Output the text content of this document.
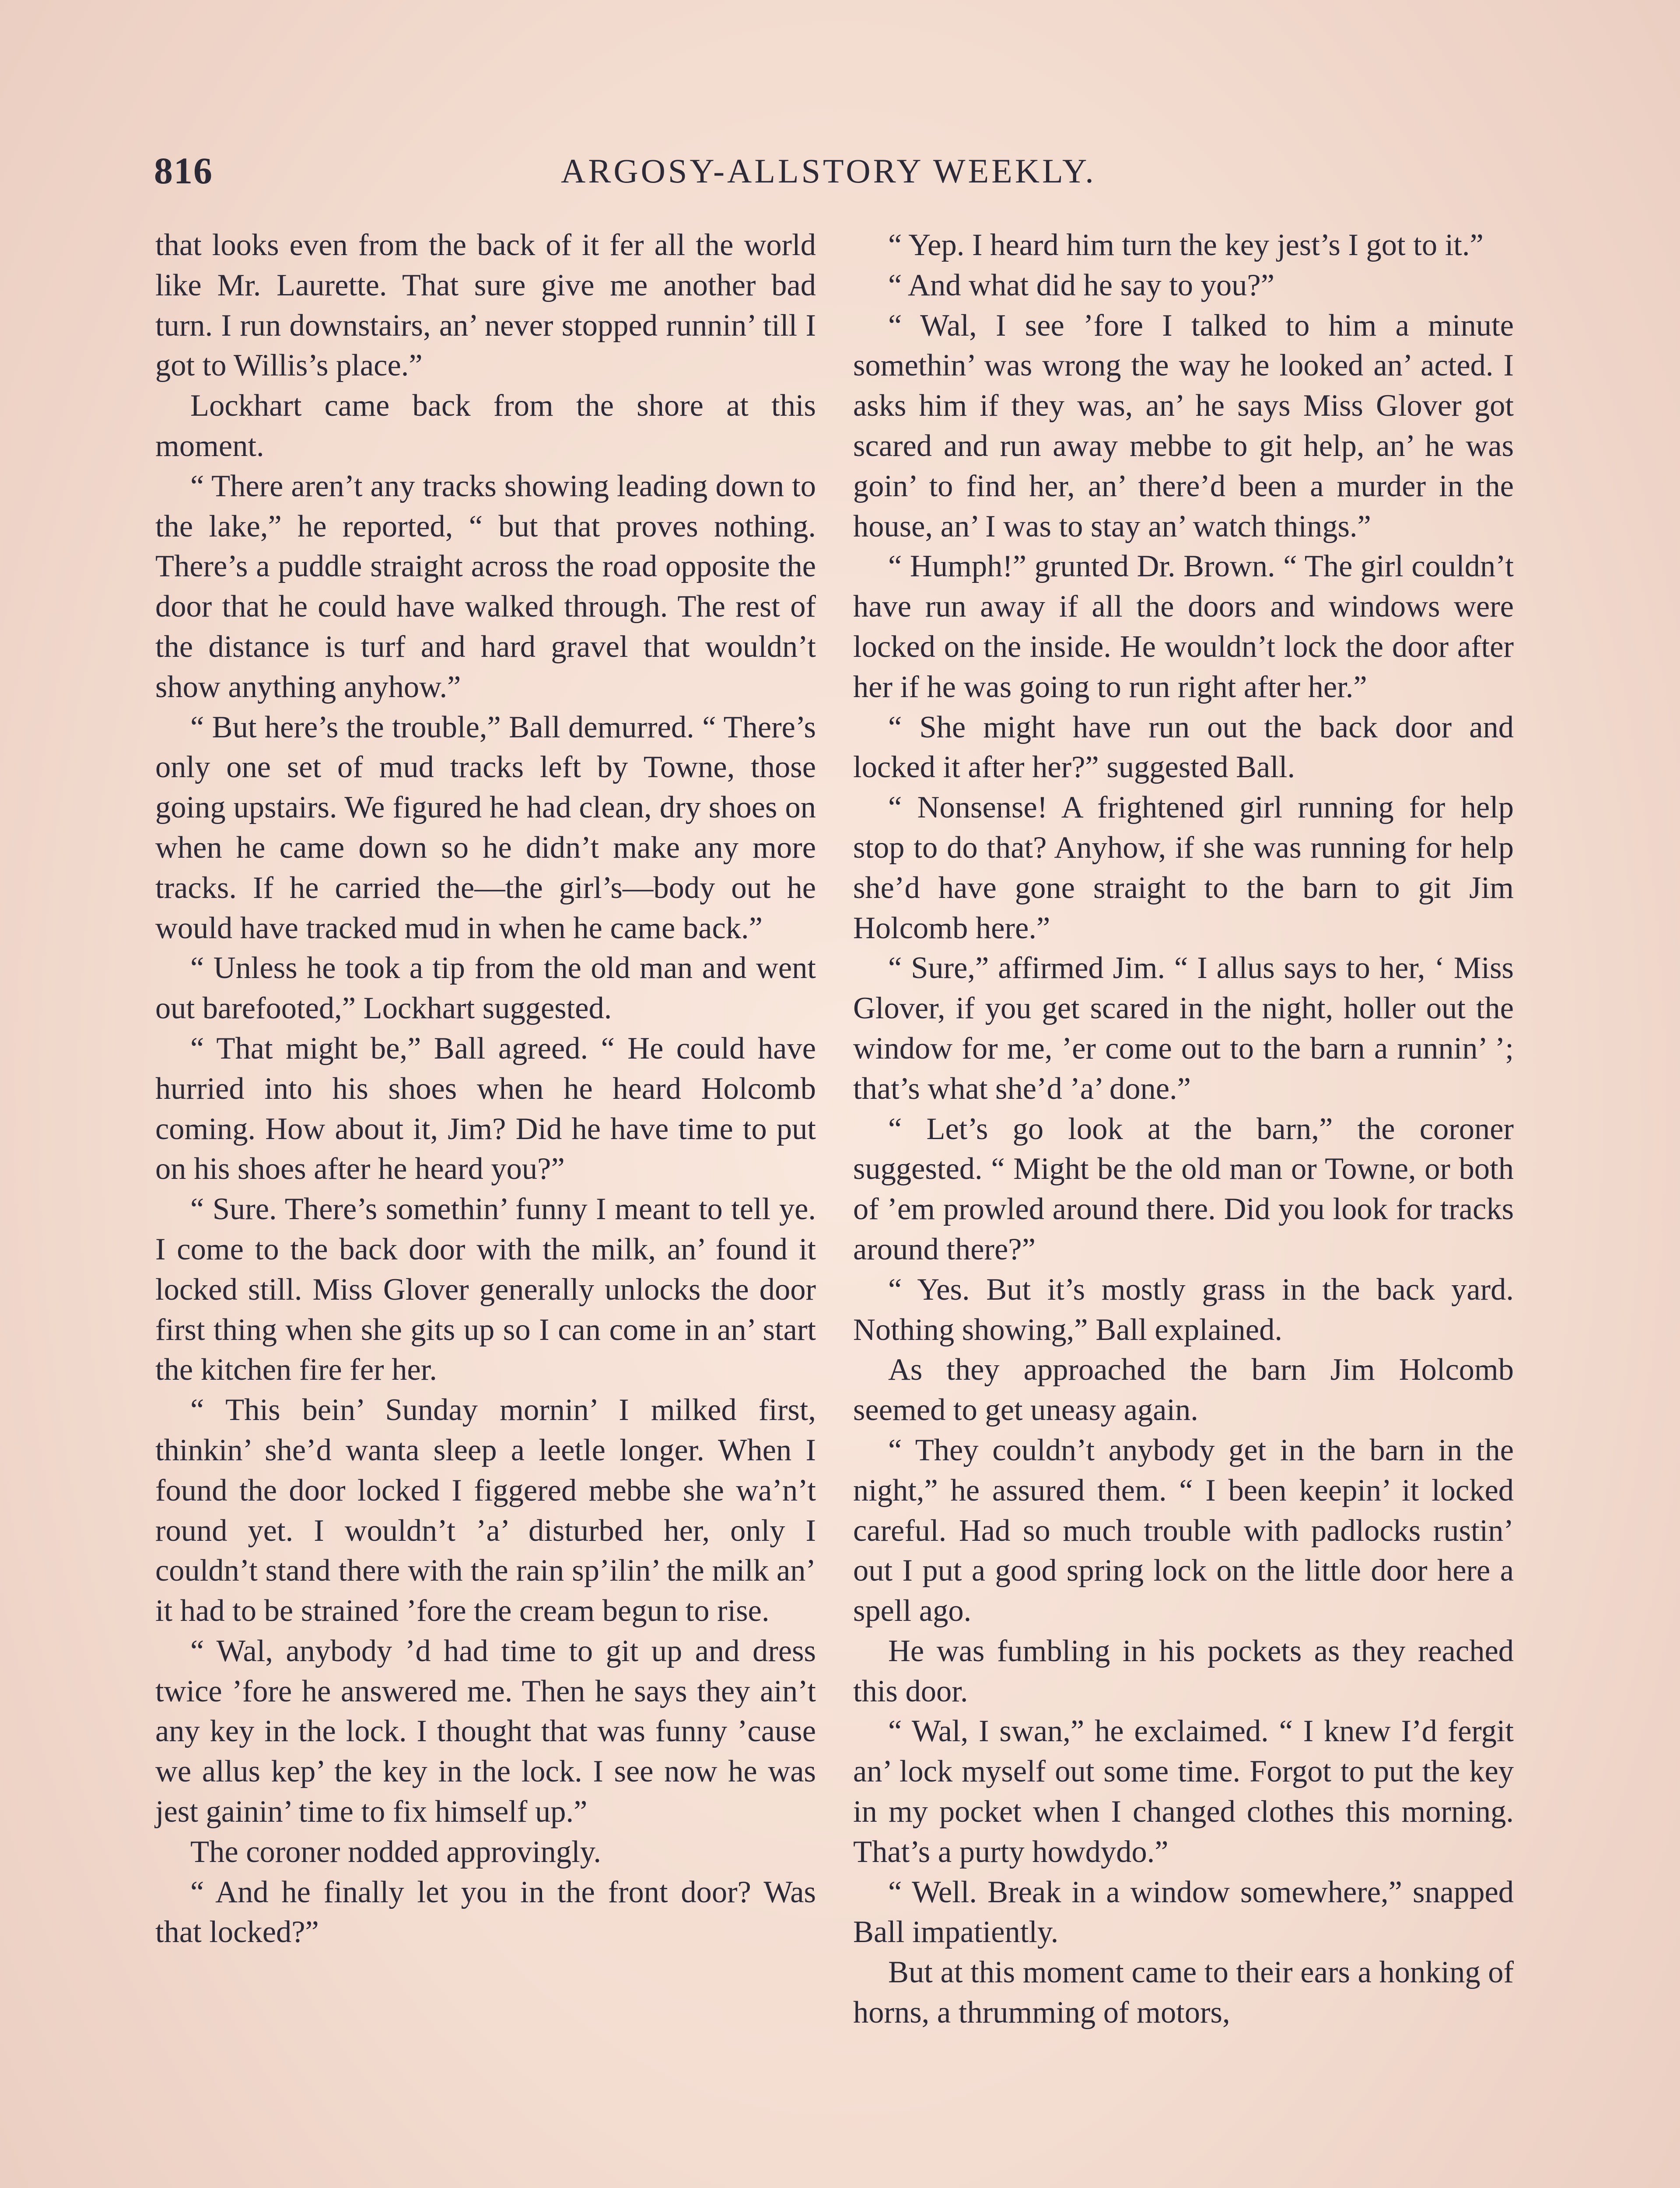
816	ARGOSY-ALLSTORY WEEKLY.

that looks even from the back of it fer all the world like Mr. Laurette. That sure give me another bad turn. I run downstairs, an’ never stopped runnin’ till I got to Willis’s place.”

Lockhart came back from the shore at this moment.

“ There aren’t any tracks showing leading down to the lake,” he reported, “ but that proves nothing. There’s a puddle straight across the road opposite the door that he could have walked through. The rest of the distance is turf and hard gravel that wouldn’t show anything anyhow.”

“ But here’s the trouble,” Ball demurred. “ There’s only one set of mud tracks left by Towne, those going upstairs. We figured he had clean, dry shoes on when he came down so he didn’t make any more tracks. If he carried the—the girl’s—body out he would have tracked mud in when he came back.”

“ Unless he took a tip from the old man and went out barefooted,” Lockhart suggested.

“ That might be,” Ball agreed. “ He could have hurried into his shoes when he heard Holcomb coming. How about it, Jim? Did he have time to put on his shoes after he heard you?”

“ Sure. There’s somethin’ funny I meant to tell ye. I come to the back door with the milk, an’ found it locked still. Miss Glover generally unlocks the door first thing when she gits up so I can come in an’ start the kitchen fire fer her.

“ This bein’ Sunday mornin’ I milked first, thinkin’ she’d wanta sleep a leetle longer. When I found the door locked I figgered mebbe she wa’n’t round yet. I wouldn’t ’a’ disturbed her, only I couldn’t stand there with the rain sp’ilin’ the milk an’ it had to be strained ’fore the cream begun to rise.

“ Wal, anybody ’d had time to git up and dress twice ’fore he answered me. Then he says they ain’t any key in the lock. I thought that was funny ’cause we allus kep’ the key in the lock. I see now he was jest gainin’ time to fix himself up.”

The coroner nodded approvingly.

“ And he finally let you in the front door? Was that locked?”

“ Yep. I heard him turn the key jest’s I got to it.”

“ And what did he say to you?”

“ Wal, I see ’fore I talked to him a minute somethin’ was wrong the way he looked an’ acted. I asks him if they was, an’ he says Miss Glover got scared and run away mebbe to git help, an’ he was goin’ to find her, an’ there’d been a murder in the house, an’ I was to stay an’ watch things.”

“ Humph!” grunted Dr. Brown. “ The girl couldn’t have run away if all the doors and windows were locked on the inside. He wouldn’t lock the door after her if he was going to run right after her.”

“ She might have run out the back door and locked it after her?” suggested Ball.

“ Nonsense! A frightened girl running for help stop to do that? Anyhow, if she was running for help she’d have gone straight to the barn to git Jim Holcomb here.”

“ Sure,” affirmed Jim. “ I allus says to her, ‘ Miss Glover, if you get scared in the night, holler out the window for me, ’er come out to the barn a runnin’ ’; that’s what she’d ’a’ done.”

“ Let’s go look at the barn,” the coroner suggested. “ Might be the old man or Towne, or both of ’em prowled around there. Did you look for tracks around there?”

“ Yes. But it’s mostly grass in the back yard. Nothing showing,” Ball explained.

As they approached the barn Jim Holcomb seemed to get uneasy again.

“ They couldn’t anybody get in the barn in the night,” he assured them. “ I been keepin’ it locked careful. Had so much trouble with padlocks rustin’ out I put a good spring lock on the little door here a spell ago.

He was fumbling in his pockets as they reached this door.

“ Wal, I swan,” he exclaimed. “ I knew I’d fergit an’ lock myself out some time. Forgot to put the key in my pocket when I changed clothes this morning. That’s a purty howdydo.”

“ Well. Break in a window somewhere,” snapped Ball impatiently.

But at this moment came to their ears a honking of horns, a thrumming of motors,
